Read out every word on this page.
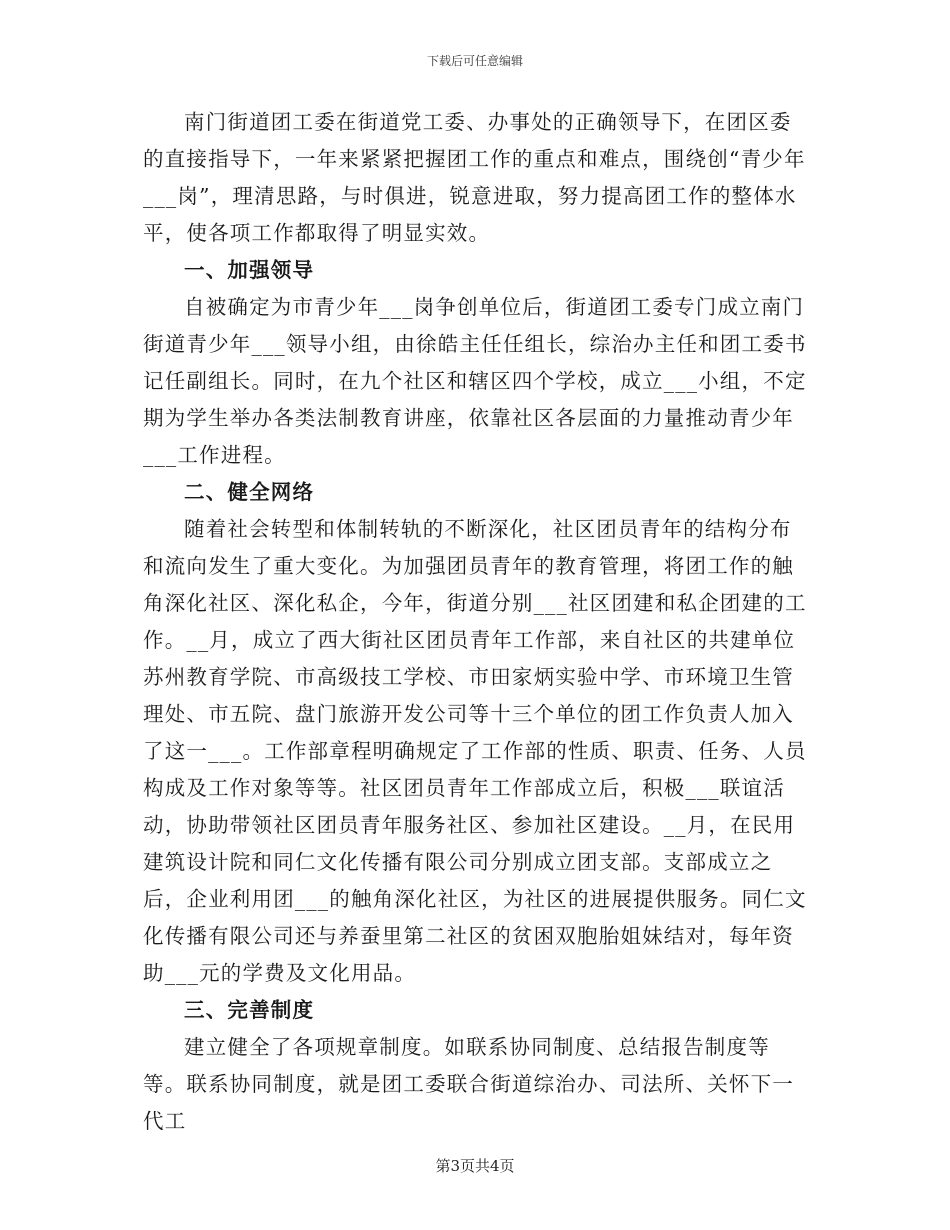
下载后可任意编辑

南门街道团工委在街道党工委、办事处的正确领导下，在团区委的直接指导下，一年来紧紧把握团工作的重点和难点，围绕创“青少年___岗”，理清思路，与时俱进，锐意进取，努力提高团工作的整体水平，使各项工作都取得了明显实效。

一、加强领导

自被确定为市青少年___岗争创单位后，街道团工委专门成立南门街道青少年___领导小组，由徐皓主任任组长，综治办主任和团工委书记任副组长。同时，在九个社区和辖区四个学校，成立___小组，不定期为学生举办各类法制教育讲座，依靠社区各层面的力量推动青少年___工作进程。

二、健全网络

随着社会转型和体制转轨的不断深化，社区团员青年的结构分布和流向发生了重大变化。为加强团员青年的教育管理，将团工作的触角深化社区、深化私企，今年，街道分别___社区团建和私企团建的工作。__月，成立了西大街社区团员青年工作部，来自社区的共建单位苏州教育学院、市高级技工学校、市田家炳实验中学、市环境卫生管理处、市五院、盘门旅游开发公司等十三个单位的团工作负责人加入了这一___。工作部章程明确规定了工作部的性质、职责、任务、人员构成及工作对象等等。社区团员青年工作部成立后，积极___联谊活动，协助带领社区团员青年服务社区、参加社区建设。__月，在民用建筑设计院和同仁文化传播有限公司分别成立团支部。支部成立之后，企业利用团___的触角深化社区，为社区的进展提供服务。同仁文化传播有限公司还与养蚕里第二社区的贫困双胞胎姐妹结对，每年资助___元的学费及文化用品。

三、完善制度

建立健全了各项规章制度。如联系协同制度、总结报告制度等等。联系协同制度，就是团工委联合街道综治办、司法所、关怀下一代工

第3页共4页
